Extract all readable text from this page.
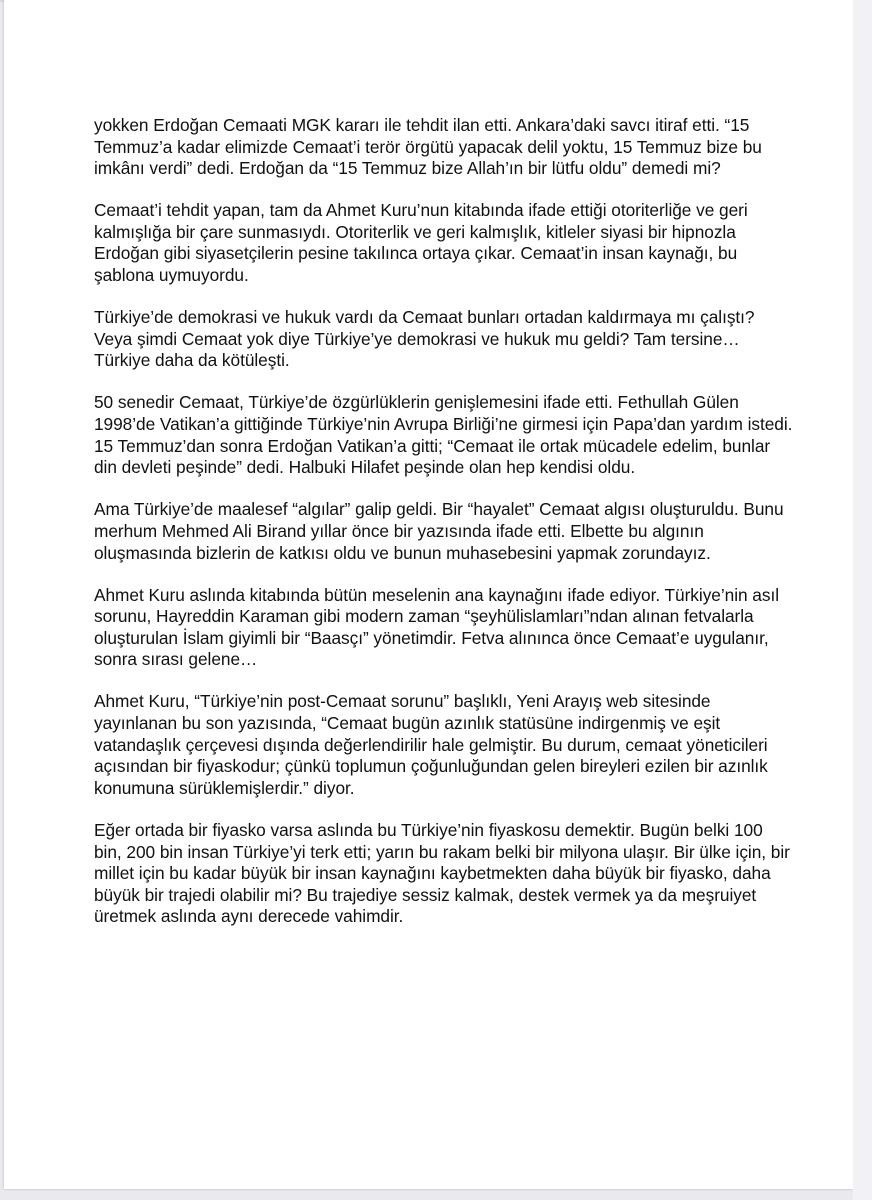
yokken Erdoğan Cemaati MGK kararı ile tehdit ilan etti. Ankara’daki savcı itiraf etti. “15 Temmuz’a kadar elimizde Cemaat’i terör örgütü yapacak delil yoktu, 15 Temmuz bize bu imkânı verdi” dedi. Erdoğan da “15 Temmuz bize Allah’ın bir lütfu oldu” demedi mi?

Cemaat’i tehdit yapan, tam da Ahmet Kuru’nun kitabında ifade ettiği otoriterliğe ve geri kalmışlığa bir çare sunmasıydı. Otoriterlik ve geri kalmışlık, kitleler siyasi bir hipnozla Erdoğan gibi siyasetçilerin pesine takılınca ortaya çıkar. Cemaat’in insan kaynağı, bu şablona uymuyordu.

Türkiye’de demokrasi ve hukuk vardı da Cemaat bunları ortadan kaldırmaya mı çalıştı? Veya şimdi Cemaat yok diye Türkiye’ye demokrasi ve hukuk mu geldi? Tam tersine… Türkiye daha da kötüleşti.

50 senedir Cemaat, Türkiye’de özgürlüklerin genişlemesini ifade etti. Fethullah Gülen 1998’de Vatikan’a gittiğinde Türkiye’nin Avrupa Birliği’ne girmesi için Papa’dan yardım istedi. 15 Temmuz’dan sonra Erdoğan Vatikan’a gitti; “Cemaat ile ortak mücadele edelim, bunlar din devleti peşinde” dedi. Halbuki Hilafet peşinde olan hep kendisi oldu.

Ama Türkiye’de maalesef “algılar” galip geldi. Bir “hayalet” Cemaat algısı oluşturuldu. Bunu merhum Mehmed Ali Birand yıllar önce bir yazısında ifade etti. Elbette bu algının oluşmasında bizlerin de katkısı oldu ve bunun muhasebesini yapmak zorundayız.

Ahmet Kuru aslında kitabında bütün meselenin ana kaynağını ifade ediyor. Türkiye’nin asıl sorunu, Hayreddin Karaman gibi modern zaman “şeyhülislamları”ndan alınan fetvalarla oluşturulan İslam giyimli bir “Baasçı” yönetimdir. Fetva alınınca önce Cemaat’e uygulanır, sonra sırası gelene…

Ahmet Kuru, “Türkiye’nin post-Cemaat sorunu” başlıklı, Yeni Arayış web sitesinde yayınlanan bu son yazısında, “Cemaat bugün azınlık statüsüne indirgenmiş ve eşit vatandaşlık çerçevesi dışında değerlendirilir hale gelmiştir. Bu durum, cemaat yöneticileri açısından bir fiyaskodur; çünkü toplumun çoğunluğundan gelen bireyleri ezilen bir azınlık konumuna sürüklemişlerdir.” diyor.

Eğer ortada bir fiyasko varsa aslında bu Türkiye’nin fiyaskosu demektir. Bugün belki 100 bin, 200 bin insan Türkiye’yi terk etti; yarın bu rakam belki bir milyona ulaşır. Bir ülke için, bir millet için bu kadar büyük bir insan kaynağını kaybetmekten daha büyük bir fiyasko, daha büyük bir trajedi olabilir mi? Bu trajediye sessiz kalmak, destek vermek ya da meşruiyet üretmek aslında aynı derecede vahimdir.
